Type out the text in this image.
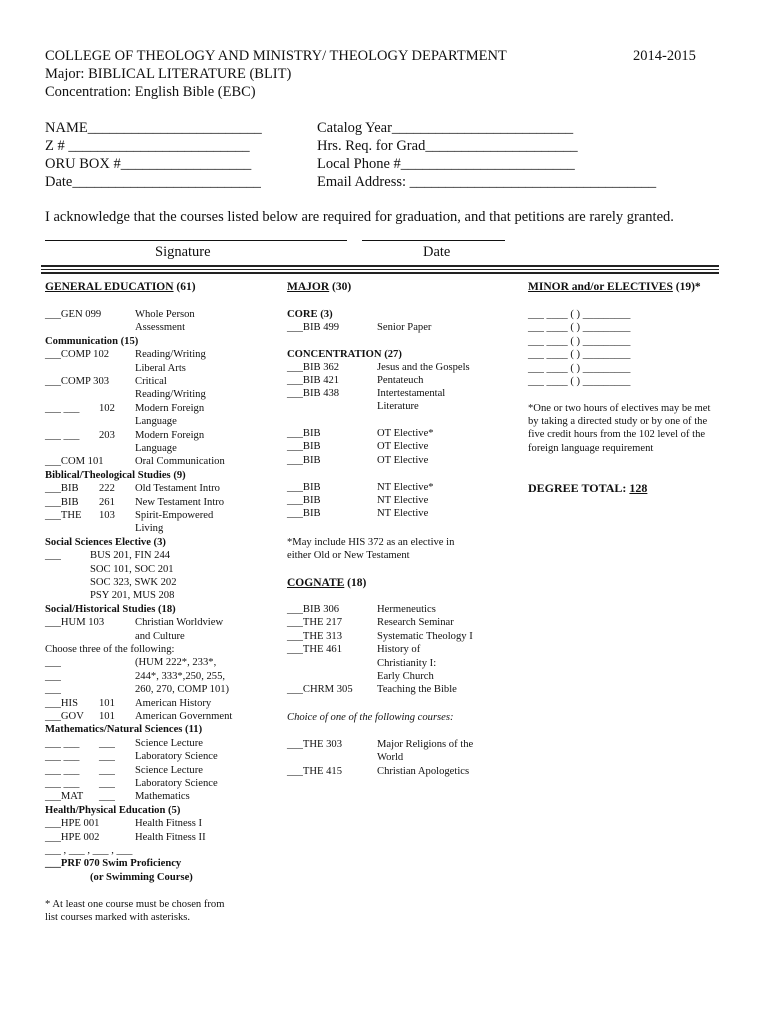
COLLEGE OF THEOLOGY AND MINISTRY/ THEOLOGY DEPARTMENT	2014-2015
Major: BIBLICAL LITERATURE (BLIT)
Concentration: English Bible (EBC)
NAME________________________
Z # _________________________
ORU BOX #__________________
Date__________________________
Catalog Year_________________________
Hrs. Req. for Grad_____________________
Local Phone #________________________
Email Address: __________________________________
I acknowledge that the courses listed below are required for graduation, and that petitions are rarely granted.
Signature	Date
GENERAL EDUCATION (61)	MAJOR (30)	MINOR and/or ELECTIVES (19)*
___GEN 099	Whole Person
Assessment
Communication (15)
___COMP 102 Reading/Writing
Liberal Arts
___COMP 303 Critical
Reading/Writing
___ ___ 102 Modern Foreign
Language
___ ___ 203 Modern Foreign
Language
___COM 101	Oral Communication
Biblical/Theological Studies (9)
___BIB 222 Old Testament Intro
___BIB 261 New Testament Intro
___THE 103 Spirit-Empowered
Living
Social Sciences Elective (3)
___	BUS 201, FIN 244
SOC 101, SOC 201
SOC 323, SWK 202
PSY 201, MUS 208
Social/Historical Studies (18)
___HUM 103	Christian Worldview
and Culture
Choose three of the following:
___	(HUM 222*, 233*,
___	244*, 333*,250, 255,
___	260, 270, COMP 101)
___HIS 101 American History
___GOV 101 American Government
Mathematics/Natural Sciences (11)
___ ___ ___ Science Lecture
___ ___ ___ Laboratory Science
___ ___ ___ Science Lecture
___ ___ ___ Laboratory Science
___MAT ___ Mathematics
Health/Physical Education (5)
___HPE 001	Health Fitness I
___HPE 002	Health Fitness II
___ , ___ , ___ , ___
___PRF 070 Swim Proficiency
(or Swimming Course)
* At least one course must be chosen from
list courses marked with asterisks.
CORE (3)
___BIB 499	Senior Paper
CONCENTRATION (27)
___BIB 362	Jesus and the Gospels
___BIB 421	Pentateuch
___BIB 438	Intertestamental
Literature
___BIB	OT Elective*
___BIB	OT Elective
___BIB	OT Elective
___BIB	NT Elective*
___BIB	NT Elective
___BIB	NT Elective
*May include HIS 372 as an elective in
either Old or New Testament
COGNATE (18)
___BIB 306	Hermeneutics
___THE 217	Research Seminar
___THE 313	Systematic Theology I
___THE 461	History of
Christianity I:
Early Church
___CHRM 305 Teaching the Bible
Choice of one of the following courses:
___THE 303	Major Religions of the
World
___THE 415	Christian Apologetics
___ ____ ( ) _________
___ ____ ( ) _________
___ ____ ( ) _________
___ ____ ( ) _________
___ ____ ( ) _________
___ ____ ( ) _________
*One or two hours of electives may be met
by taking a directed study or by one of the
five credit hours from the 102 level of the
foreign language requirement
DEGREE TOTAL: 128
